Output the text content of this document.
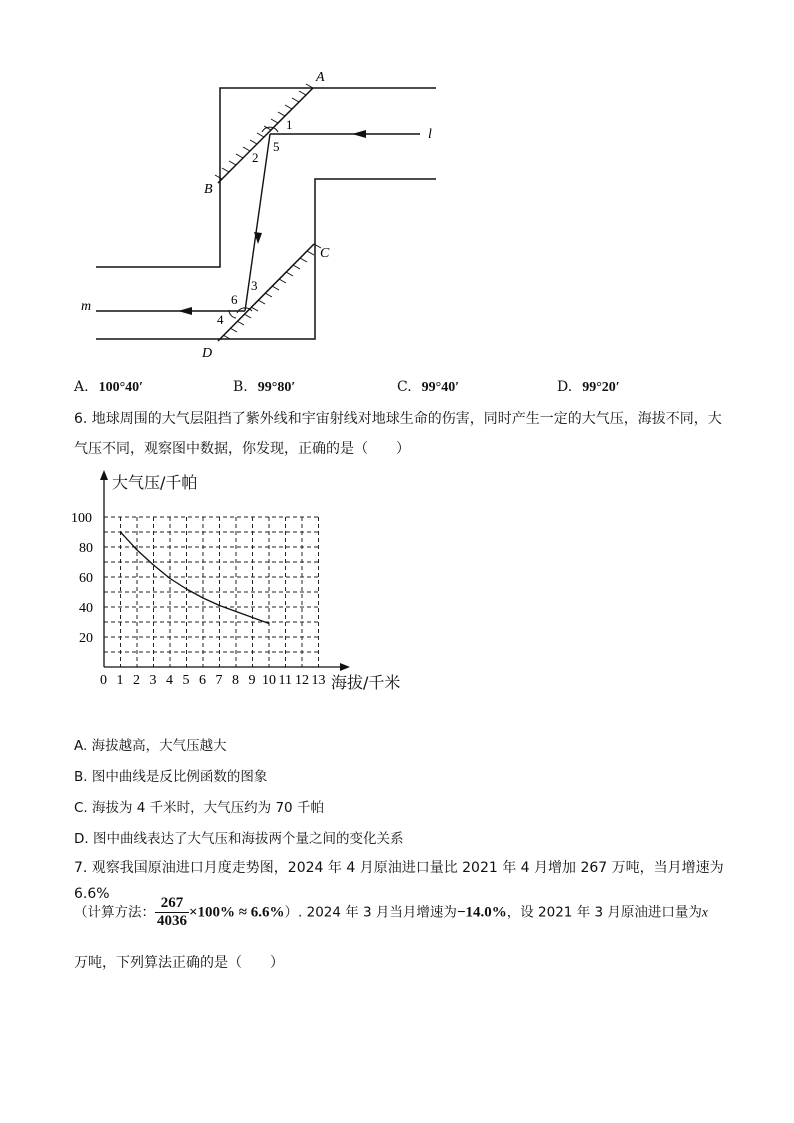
A
B
C
D
l
m
1
2
5
3
6
4
A. 100°40′	B. 99°80′	C. 99°40′	D. 99°20′
6. 地球周围的大气层阻挡了紫外线和宇宙射线对地球生命的伤害，同时产生一定的大气压，海拔不同，大
气压不同，观察图中数据，你发现，正确的是（　　）
大气压/千帕
海拔/千米
0 1 2 3 4 5 6 7 8 9 10 11 12 13
20
40
60
80
100
A. 海拔越高，大气压越大
B. 图中曲线是反比例函数的图象
C. 海拔为 4 千米时，大气压约为 70 千帕
D. 图中曲线表达了大气压和海拔两个量之间的变化关系
7. 观察我国原油进口月度走势图，2024 年 4 月原油进口量比 2021 年 4 月增加 267 万吨，当月增速为 6.6%
（计算方法： $\frac{267}{4036} \times 100\% \approx 6.6\%$）. 2024 年 3 月当月增速为−14.0%，设 2021 年 3 月原油进口量为x
万吨，下列算法正确的是（　　）
